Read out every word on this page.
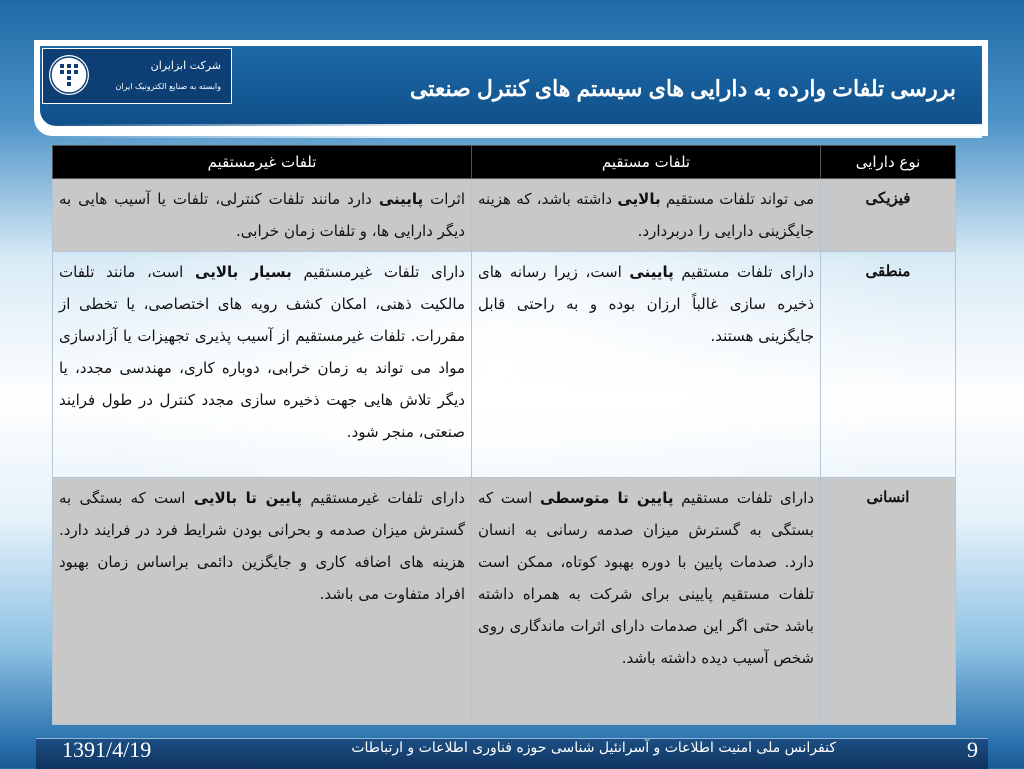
شرکت ابزایران
وابسته به صنایع الکترونیک ایران	بررسی تلفات وارده به دارایی های سیستم های کنترل صنعتی
نوع دارایی	تلفات مستقیم	تلفات غیرمستقیم
فیزیکی	می تواند تلفات مستقیم بالایی داشته باشد، که هزینه جایگزینی دارایی را دربردارد.	اثرات پایینی دارد مانند تلفات کنترلی، تلفات یا آسیب هایی به دیگر دارایی ها، و تلفات زمان خرابی.
منطقی	دارای تلفات مستقیم پایینی است، زیرا رسانه های ذخیره سازی غالباً ارزان بوده و به راحتی قابل جایگزینی هستند.	دارای تلفات غیرمستقیم بسیار بالایی است، مانند تلفات مالکیت ذهنی، امکان کشف رویه های اختصاصی، یا تخطی از مقررات. تلفات غیرمستقیم از آسیب پذیری تجهیزات یا آزادسازی مواد می تواند به زمان خرابی، دوباره کاری، مهندسی مجدد، یا دیگر تلاش هایی جهت ذخیره سازی مجدد کنترل در طول فرایند صنعتی، منجر شود.
انسانی	دارای تلفات مستقیم پایین تا متوسطی است که بستگی به گسترش میزان صدمه رسانی به انسان دارد. صدمات پایین با دوره بهبود کوتاه، ممکن است تلفات مستقیم پایینی برای شرکت به همراه داشته باشد حتی اگر این صدمات دارای اثرات ماندگاری روی شخص آسیب دیده داشته باشد.	دارای تلفات غیرمستقیم پایین تا بالایی است که بستگی به گسترش میزان صدمه و بحرانی بودن شرایط فرد در فرایند دارد. هزینه های اضافه کاری و جایگزین دائمی براساس زمان بهبود افراد متفاوت می باشد.
1391/4/19	کنفرانس ملی امنیت اطلاعات و آسرانئیل شناسی حوزه فناوری اطلاعات و ارتباطات	9
